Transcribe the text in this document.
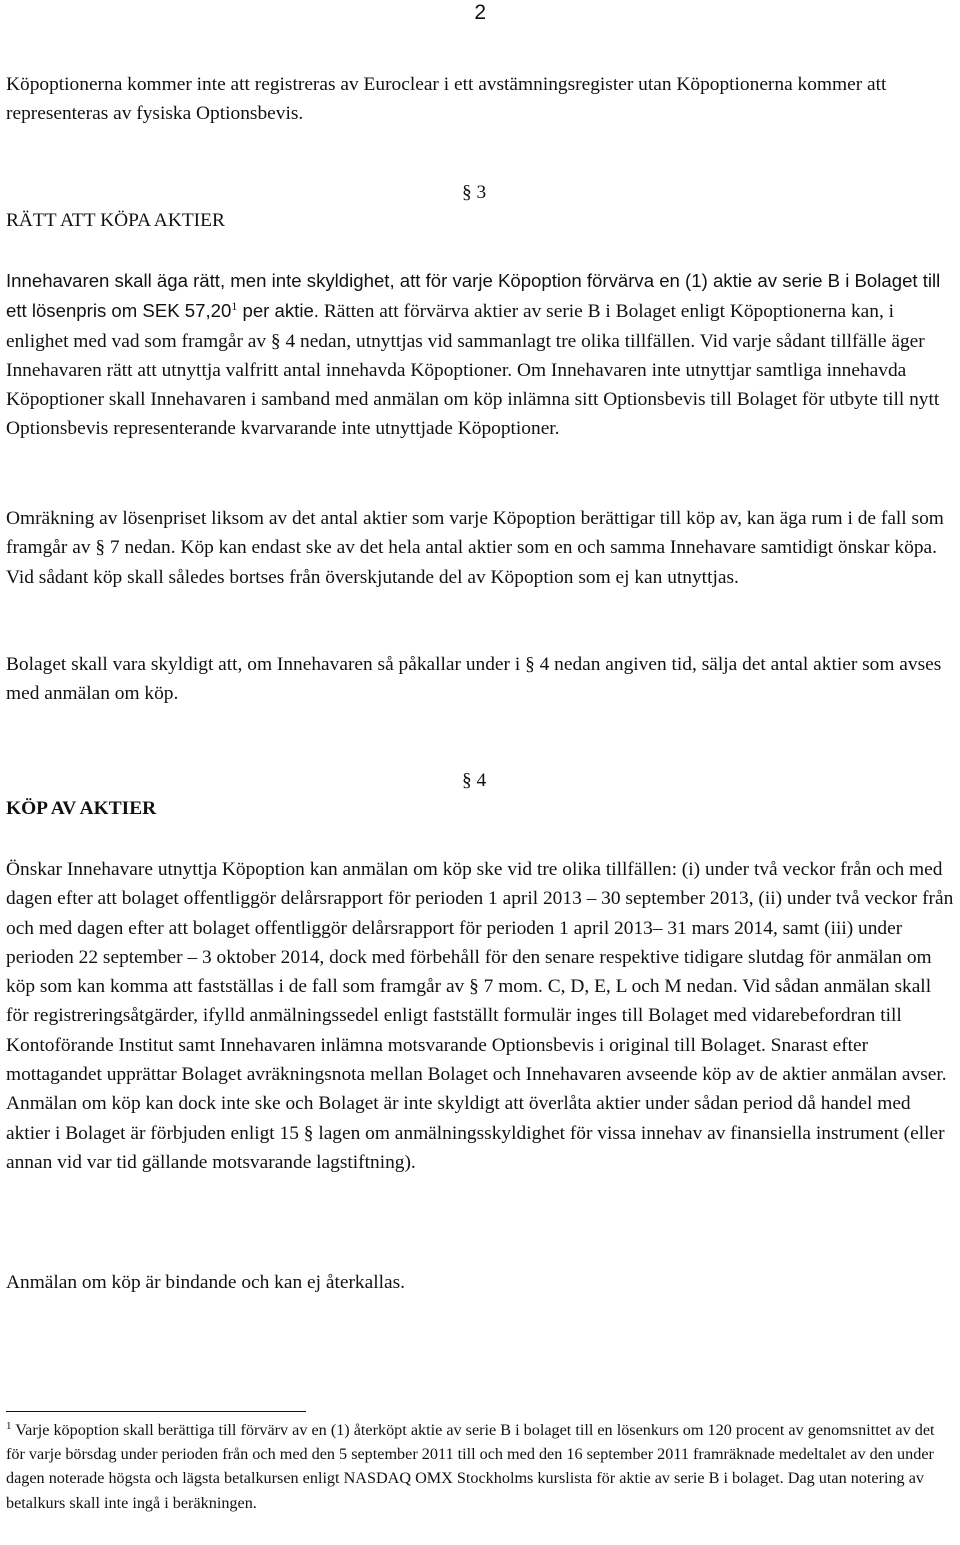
2

Köpoptionerna kommer inte att registreras av Euroclear i ett avstämningsregister utan Köpoptionerna kommer att representeras av fysiska Optionsbevis.

§ 3
RÄTT ATT KÖPA AKTIER

Innehavaren skall äga rätt, men inte skyldighet, att för varje Köpoption förvärva en (1) aktie av serie B i Bolaget till ett lösenpris om SEK 57,20$^1$ per aktie. Rätten att förvärva aktier av serie B i Bolaget enligt Köpoptionerna kan, i enlighet med vad som framgår av § 4 nedan, utnyttjas vid sammanlagt tre olika tillfällen. Vid varje sådant tillfälle äger Innehavaren rätt att utnyttja valfritt antal innehavda Köpoptioner. Om Innehavaren inte utnyttjar samtliga innehavda Köpoptioner skall Innehavaren i samband med anmälan om köp inlämna sitt Optionsbevis till Bolaget för utbyte till nytt Optionsbevis representerande kvarvarande inte utnyttjade Köpoptioner.

Omräkning av lösenpriset liksom av det antal aktier som varje Köpoption berättigar till köp av, kan äga rum i de fall som framgår av § 7 nedan. Köp kan endast ske av det hela antal aktier som en och samma Innehavare samtidigt önskar köpa. Vid sådant köp skall således bortses från överskjutande del av Köpoption som ej kan utnyttjas.

Bolaget skall vara skyldigt att, om Innehavaren så påkallar under i § 4 nedan angiven tid, sälja det antal aktier som avses med anmälan om köp.

§ 4
KÖP AV AKTIER

Önskar Innehavare utnyttja Köpoption kan anmälan om köp ske vid tre olika tillfällen: (i) under två veckor från och med dagen efter att bolaget offentliggör delårsrapport för perioden 1 april 2013 – 30 september 2013, (ii) under två veckor från och med dagen efter att bolaget offentliggör delårsrapport för perioden 1 april 2013– 31 mars 2014, samt (iii) under perioden 22 september – 3 oktober 2014, dock med förbehåll för den senare respektive tidigare slutdag för anmälan om köp som kan komma att fastställas i de fall som framgår av § 7 mom. C, D, E, L och M nedan. Vid sådan anmälan skall för registreringsåtgärder, ifylld anmälningssedel enligt fastställt formulär inges till Bolaget med vidarebefordran till Kontoförande Institut samt Innehavaren inlämna motsvarande Optionsbevis i original till Bolaget. Snarast efter mottagandet upprättar Bolaget avräkningsnota mellan Bolaget och Innehavaren avseende köp av de aktier anmälan avser. Anmälan om köp kan dock inte ske och Bolaget är inte skyldigt att överlåta aktier under sådan period då handel med aktier i Bolaget är förbjuden enligt 15 § lagen om anmälningsskyldighet för vissa innehav av finansiella instrument (eller annan vid var tid gällande motsvarande lagstiftning).

Anmälan om köp är bindande och kan ej återkallas.

$^1$ Varje köpoption skall berättiga till förvärv av en (1) återköpt aktie av serie B i bolaget till en lösenkurs om 120 procent av genomsnittet av det för varje börsdag under perioden från och med den 5 september 2011 till och med den 16 september 2011 framräknade medeltalet av den under dagen noterade högsta och lägsta betalkursen enligt NASDAQ OMX Stockholms kurslista för aktie av serie B i bolaget. Dag utan notering av betalkurs skall inte ingå i beräkningen.
